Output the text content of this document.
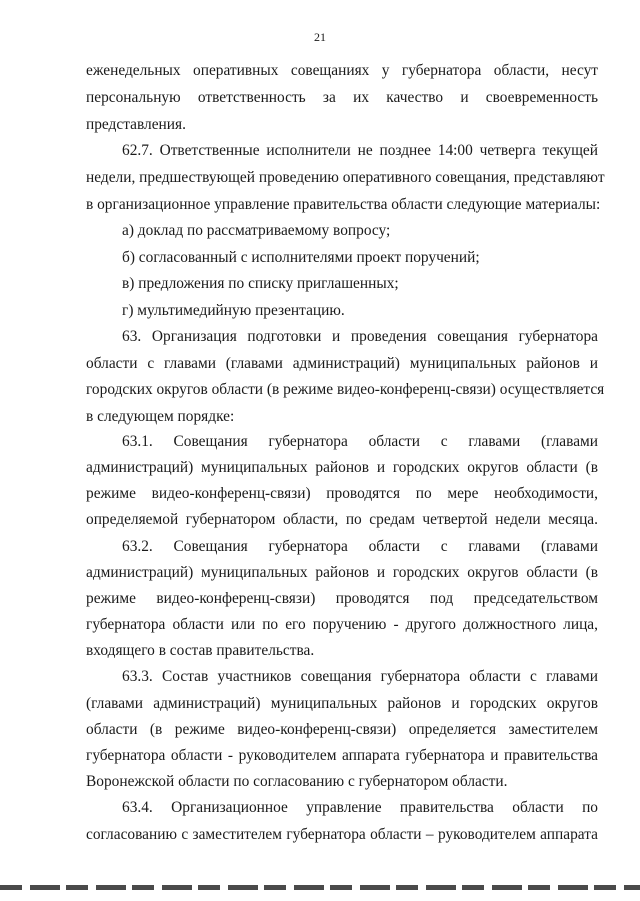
21
еженедельных оперативных совещаниях у губернатора области, несут
персональную ответственность за их качество и своевременность
представления.
62.7. Ответственные исполнители не позднее 14:00 четверга текущей
недели, предшествующей проведению оперативного совещания, представляют
в организационное управление правительства области следующие материалы:
а) доклад по рассматриваемому вопросу;
б) согласованный с исполнителями проект поручений;
в) предложения по списку приглашенных;
г) мультимедийную презентацию.
63. Организация подготовки и проведения совещания губернатора
области с главами (главами администраций) муниципальных районов и
городских округов области (в режиме видео-конференц-связи) осуществляется
в следующем порядке:
63.1. Совещания губернатора области с главами (главами
администраций) муниципальных районов и городских округов области (в
режиме видео-конференц-связи) проводятся по мере необходимости,
определяемой губернатором области, по средам четвертой недели месяца.
63.2. Совещания губернатора области с главами (главами
администраций) муниципальных районов и городских округов области (в
режиме видео-конференц-связи) проводятся под председательством
губернатора области или по его поручению - другого должностного лица,
входящего в состав правительства.
63.3. Состав участников совещания губернатора области с главами
(главами администраций) муниципальных районов и городских округов
области (в режиме видео-конференц-связи) определяется заместителем
губернатора области - руководителем аппарата губернатора и правительства
Воронежской области по согласованию с губернатором области.
63.4. Организационное управление правительства области по
согласованию с заместителем губернатора области – руководителем аппарата
